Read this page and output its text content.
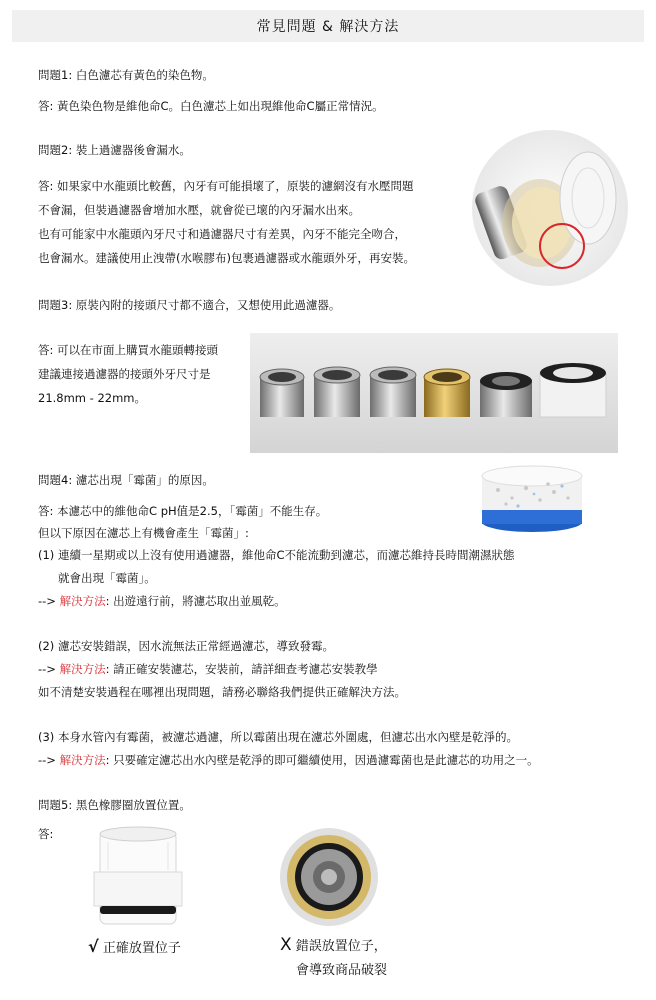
常見問題 & 解決方法
問題1: 白色濾芯有黃色的染色物。
答: 黃色染色物是維他命C。白色濾芯上如出現維他命C屬正常情況。
問題2: 裝上過濾器後會漏水。
答: 如果家中水龍頭比較舊，內牙有可能損壞了，原裝的濾網沒有水壓問題
不會漏，但裝過濾器會增加水壓，就會從已壞的內牙漏水出來。
也有可能家中水龍頭內牙尺寸和過濾器尺寸有差異，內牙不能完全吻合，
也會漏水。建議使用止洩帶(水喉膠布)包裹過濾器或水龍頭外牙，再安裝。
問題3: 原裝內附的接頭尺寸都不適合，又想使用此過濾器。
答: 可以在市面上購買水龍頭轉接頭
建議連接過濾器的接頭外牙尺寸是
21.8mm - 22mm。
問題4: 濾芯出現「霉菌」的原因。
答: 本濾芯中的維他命C pH值是2.5，「霉菌」不能生存。
但以下原因在濾芯上有機會產生「霉菌」:
(1) 連續一星期或以上沒有使用過濾器，維他命C不能流動到濾芯，而濾芯維持長時間潮濕狀態
就會出現「霉菌」。
--> 解決方法: 出遊遠行前，將濾芯取出並風乾。
(2) 濾芯安裝錯誤，因水流無法正常經過濾芯，導致發霉。
--> 解決方法: 請正確安裝濾芯，安裝前，請詳細查考濾芯安裝教學
如不清楚安裝過程在哪裡出現問題，請務必聯絡我們提供正確解決方法。
(3) 本身水管內有霉菌，被濾芯過濾，所以霉菌出現在濾芯外圍處，但濾芯出水內壁是乾淨的。
--> 解決方法: 只要確定濾芯出水內壁是乾淨的即可繼續使用，因過濾霉菌也是此濾芯的功用之一。
問題5: 黑色橡膠圈放置位置。
答:
√ 正確放置位子	X 錯誤放置位子，
會導致商品破裂
